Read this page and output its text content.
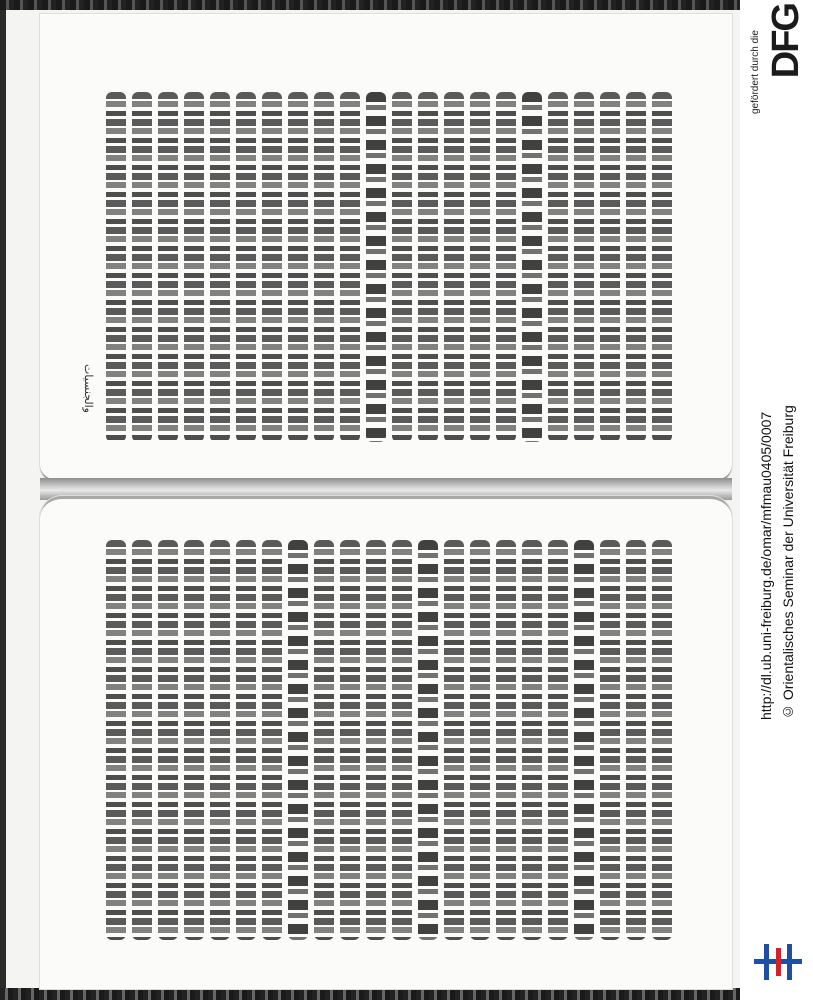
والجنسيات
gefördert durch die DFG
http://dl.ub.uni-freiburg.de/omar/mfmau0405/0007 © Orientalisches Seminar der Universität Freiburg
